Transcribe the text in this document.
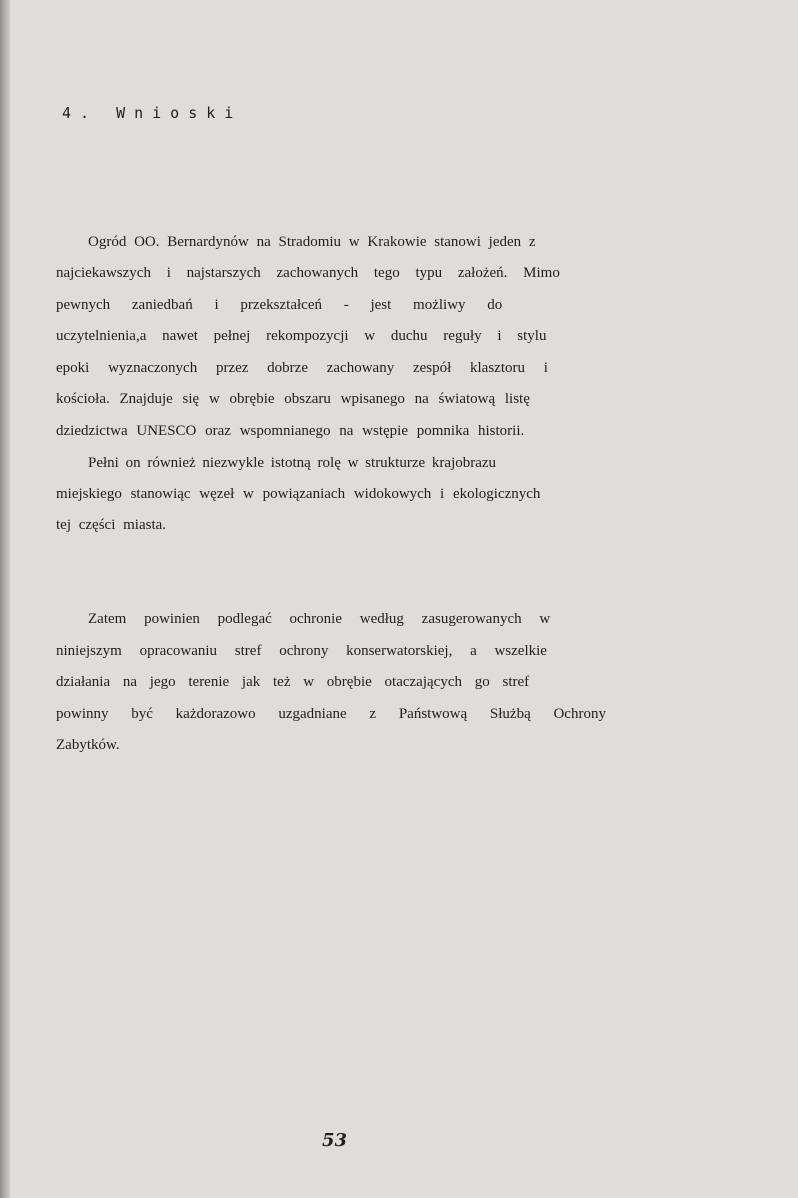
4. Wnioski
Ogród OO. Bernardynów na Stradomiu w Krakowie stanowi jeden z
najciekawszych i najstarszych zachowanych tego typu założeń. Mimo
pewnych zaniedbań i przekształceń - jest możliwy do
uczytelnienia,a nawet pełnej rekompozycji w duchu reguły i stylu
epoki wyznaczonych przez dobrze zachowany zespół klasztoru i
kościoła. Znajduje się w obrębie obszaru wpisanego na światową listę
dziedzictwa UNESCO oraz wspomnianego na wstępie pomnika historii.
Pełni on również niezwykle istotną rolę w strukturze krajobrazu
miejskiego stanowiąc węzeł w powiązaniach widokowych i ekologicznych
tej części miasta.
Zatem powinien podlegać ochronie według zasugerowanych w
niniejszym opracowaniu stref ochrony konserwatorskiej, a wszelkie
działania na jego terenie jak też w obrębie otaczających go stref
powinny być każdorazowo uzgadniane z Państwową Służbą Ochrony
Zabytków.
53
